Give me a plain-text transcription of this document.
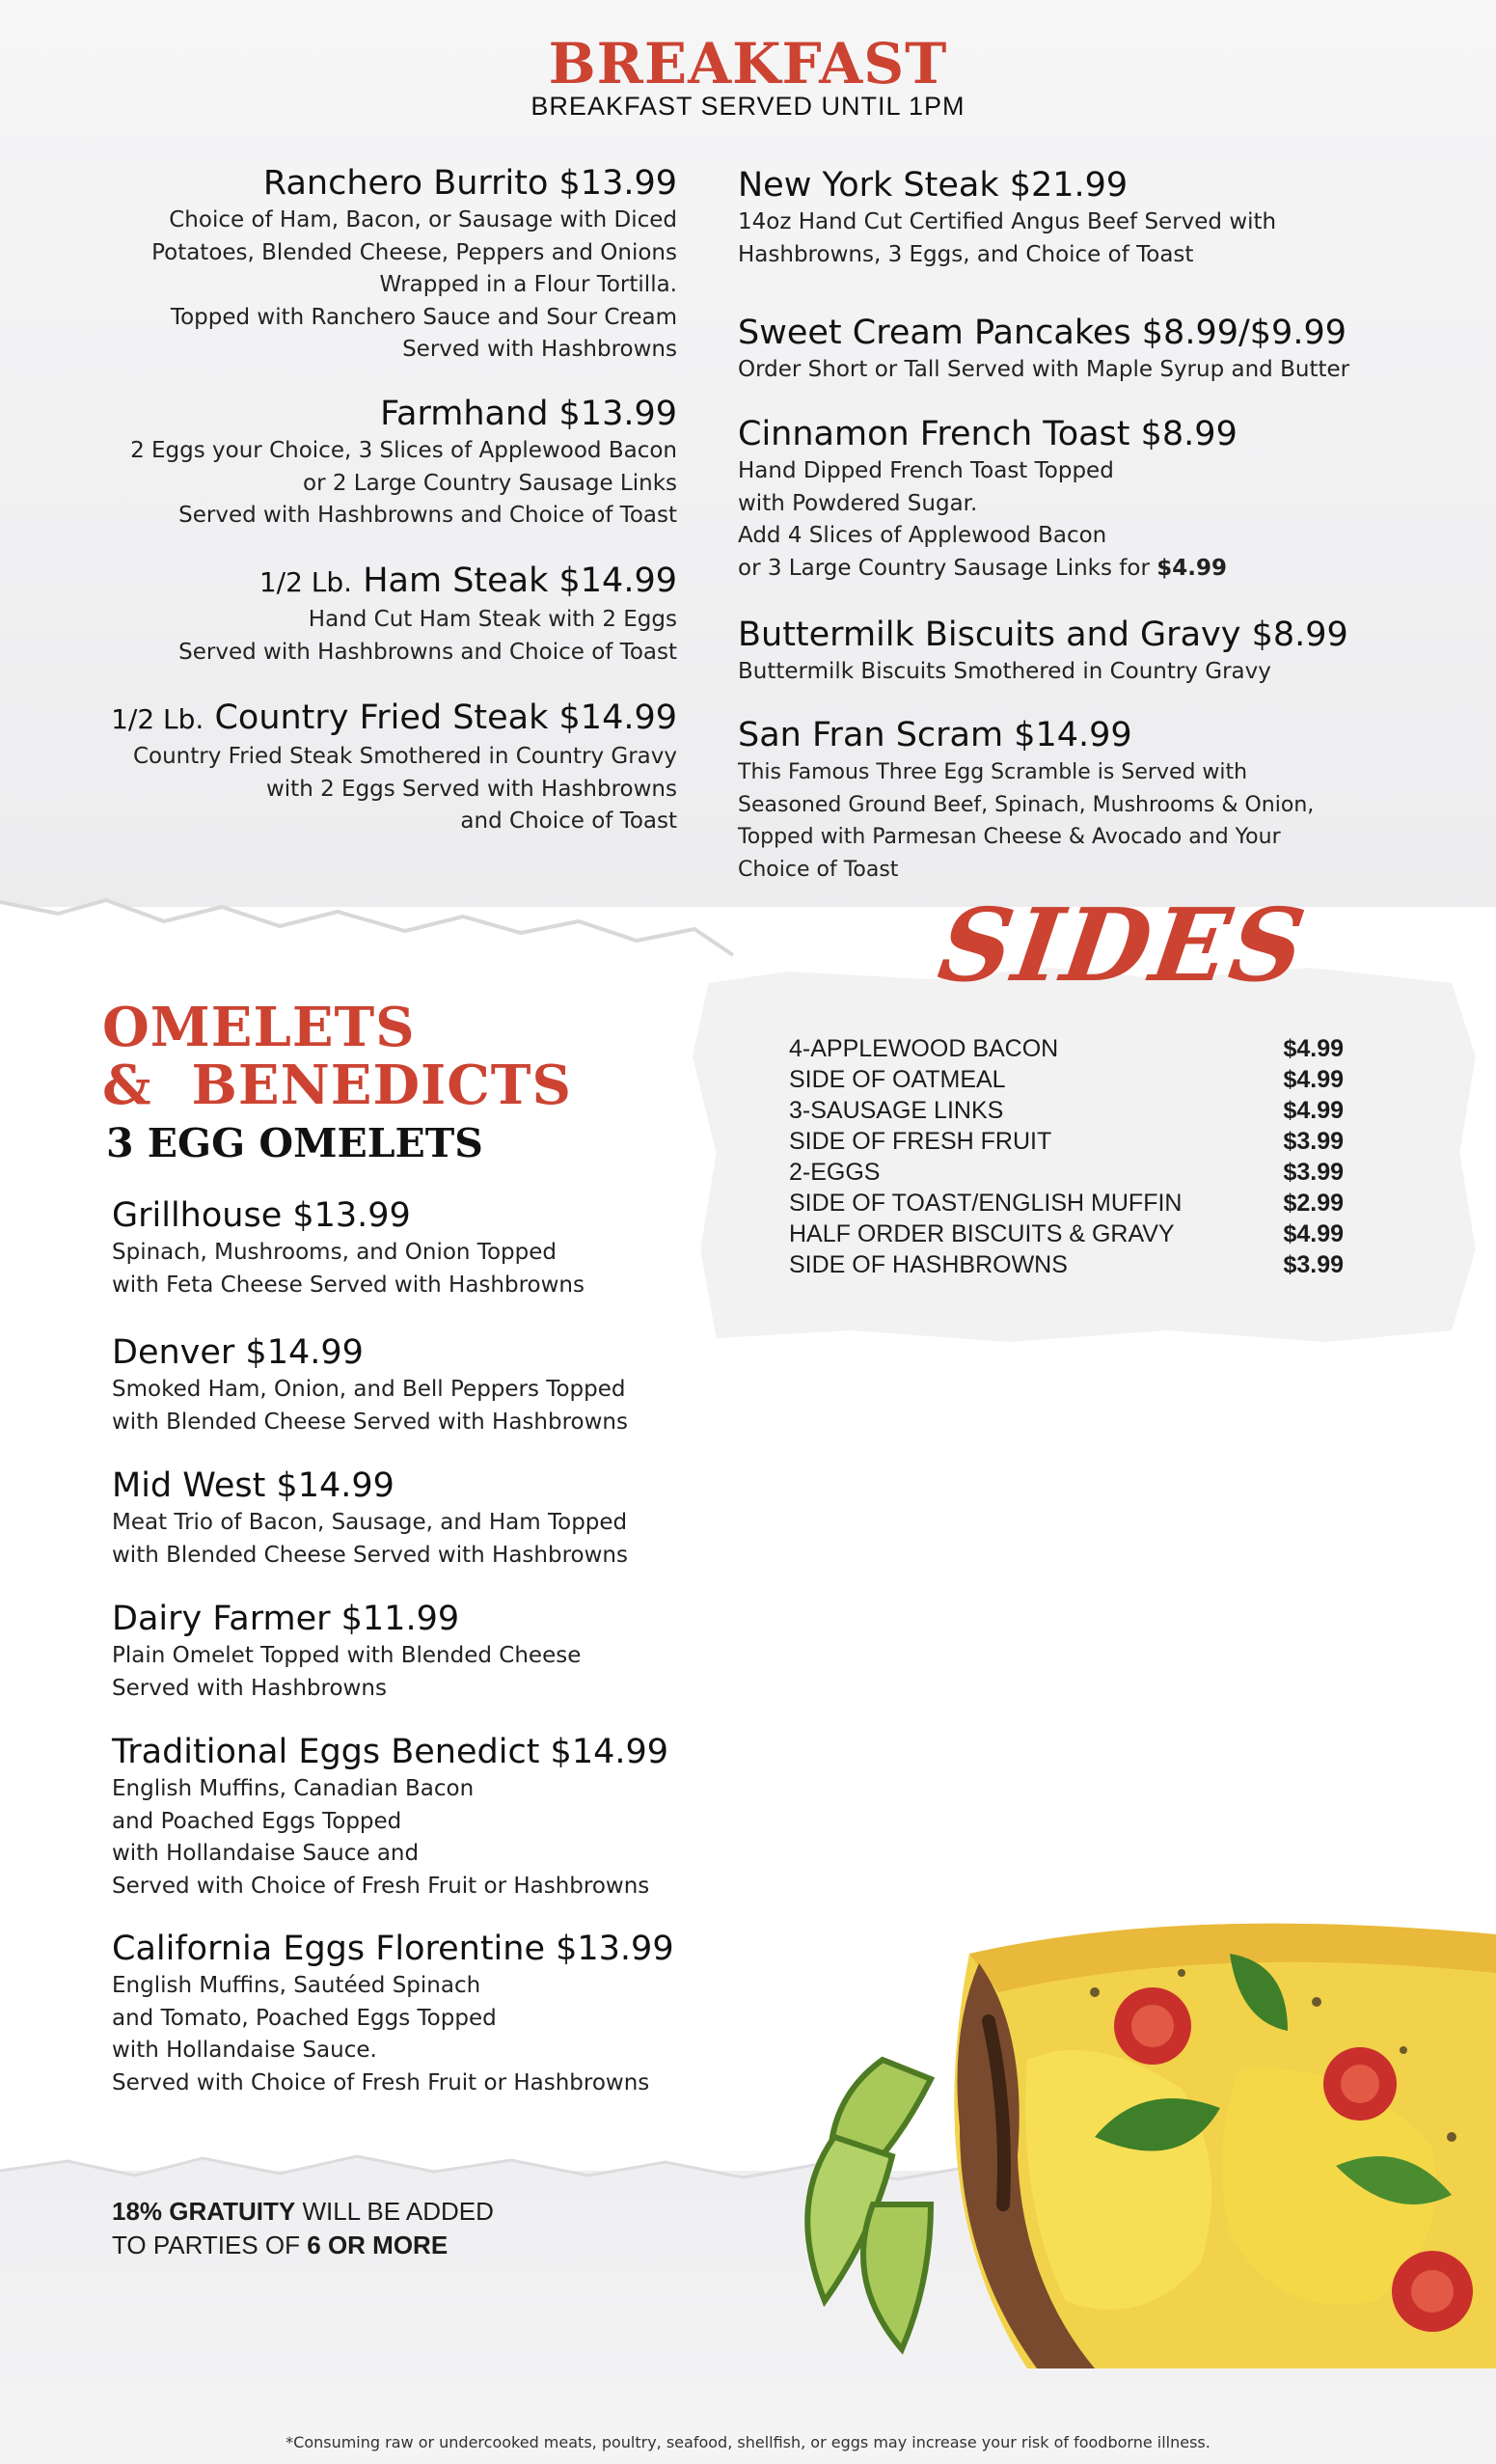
BREAKFAST
BREAKFAST SERVED UNTIL 1PM
Ranchero Burrito $13.99

Choice of Ham, Bacon, or Sausage with Diced

Potatoes, Blended Cheese, Peppers and Onions

Wrapped in a Flour Tortilla.

Topped with Ranchero Sauce and Sour Cream

Served with Hashbrowns

Farmhand $13.99

2 Eggs your Choice, 3 Slices of Applewood Bacon

or 2 Large Country Sausage Links

Served with Hashbrowns and Choice of Toast

1/2 Lb. Ham Steak $14.99

Hand Cut Ham Steak with 2 Eggs

Served with Hashbrowns and Choice of Toast

1/2 Lb. Country Fried Steak $14.99

Country Fried Steak Smothered in Country Gravy

with 2 Eggs Served with Hashbrowns

and Choice of Toast

New York Steak $21.99

14oz Hand Cut Certified Angus Beef Served with

Hashbrowns, 3 Eggs, and Choice of Toast

Sweet Cream Pancakes $8.99/$9.99

Order Short or Tall Served with Maple Syrup and Butter

Cinnamon French Toast $8.99

Hand Dipped French Toast Topped

with Powdered Sugar.

Add 4 Slices of Applewood Bacon

or 3 Large Country Sausage Links for $4.99

Buttermilk Biscuits and Gravy $8.99

Buttermilk Biscuits Smothered in Country Gravy

San Fran Scram $14.99

This Famous Three Egg Scramble is Served with

Seasoned Ground Beef, Spinach, Mushrooms & Onion,

Topped with Parmesan Cheese & Avocado and Your

Choice of Toast

SIDES
4-APPLEWOOD BACON	$4.99
SIDE OF OATMEAL	$4.99
3-SAUSAGE LINKS	$4.99
SIDE OF FRESH FRUIT	$3.99
2-EGGS	$3.99
SIDE OF TOAST/ENGLISH MUFFIN	$2.99
HALF ORDER BISCUITS & GRAVY	$4.99
SIDE OF HASHBROWNS	$3.99
OMELETS
&  BENEDICTS
3 EGG OMELETS
Grillhouse $13.99

Spinach, Mushrooms, and Onion Topped

with Feta Cheese Served with Hashbrowns

Denver $14.99

Smoked Ham, Onion, and Bell Peppers Topped

with Blended Cheese Served with Hashbrowns

Mid West $14.99

Meat Trio of Bacon, Sausage, and Ham Topped

with Blended Cheese Served with Hashbrowns

Dairy Farmer $11.99

Plain Omelet Topped with Blended Cheese

Served with Hashbrowns

Traditional Eggs Benedict $14.99

English Muffins, Canadian Bacon

and Poached Eggs Topped

with Hollandaise Sauce and

Served with Choice of Fresh Fruit or Hashbrowns

California Eggs Florentine $13.99

English Muffins, Sautéed Spinach

and Tomato, Poached Eggs Topped

with Hollandaise Sauce.

Served with Choice of Fresh Fruit or Hashbrowns

18% GRATUITY WILL BE ADDED
TO PARTIES OF 6 OR MORE
*Consuming raw or undercooked meats, poultry, seafood, shellfish, or eggs may increase your risk of foodborne illness.
